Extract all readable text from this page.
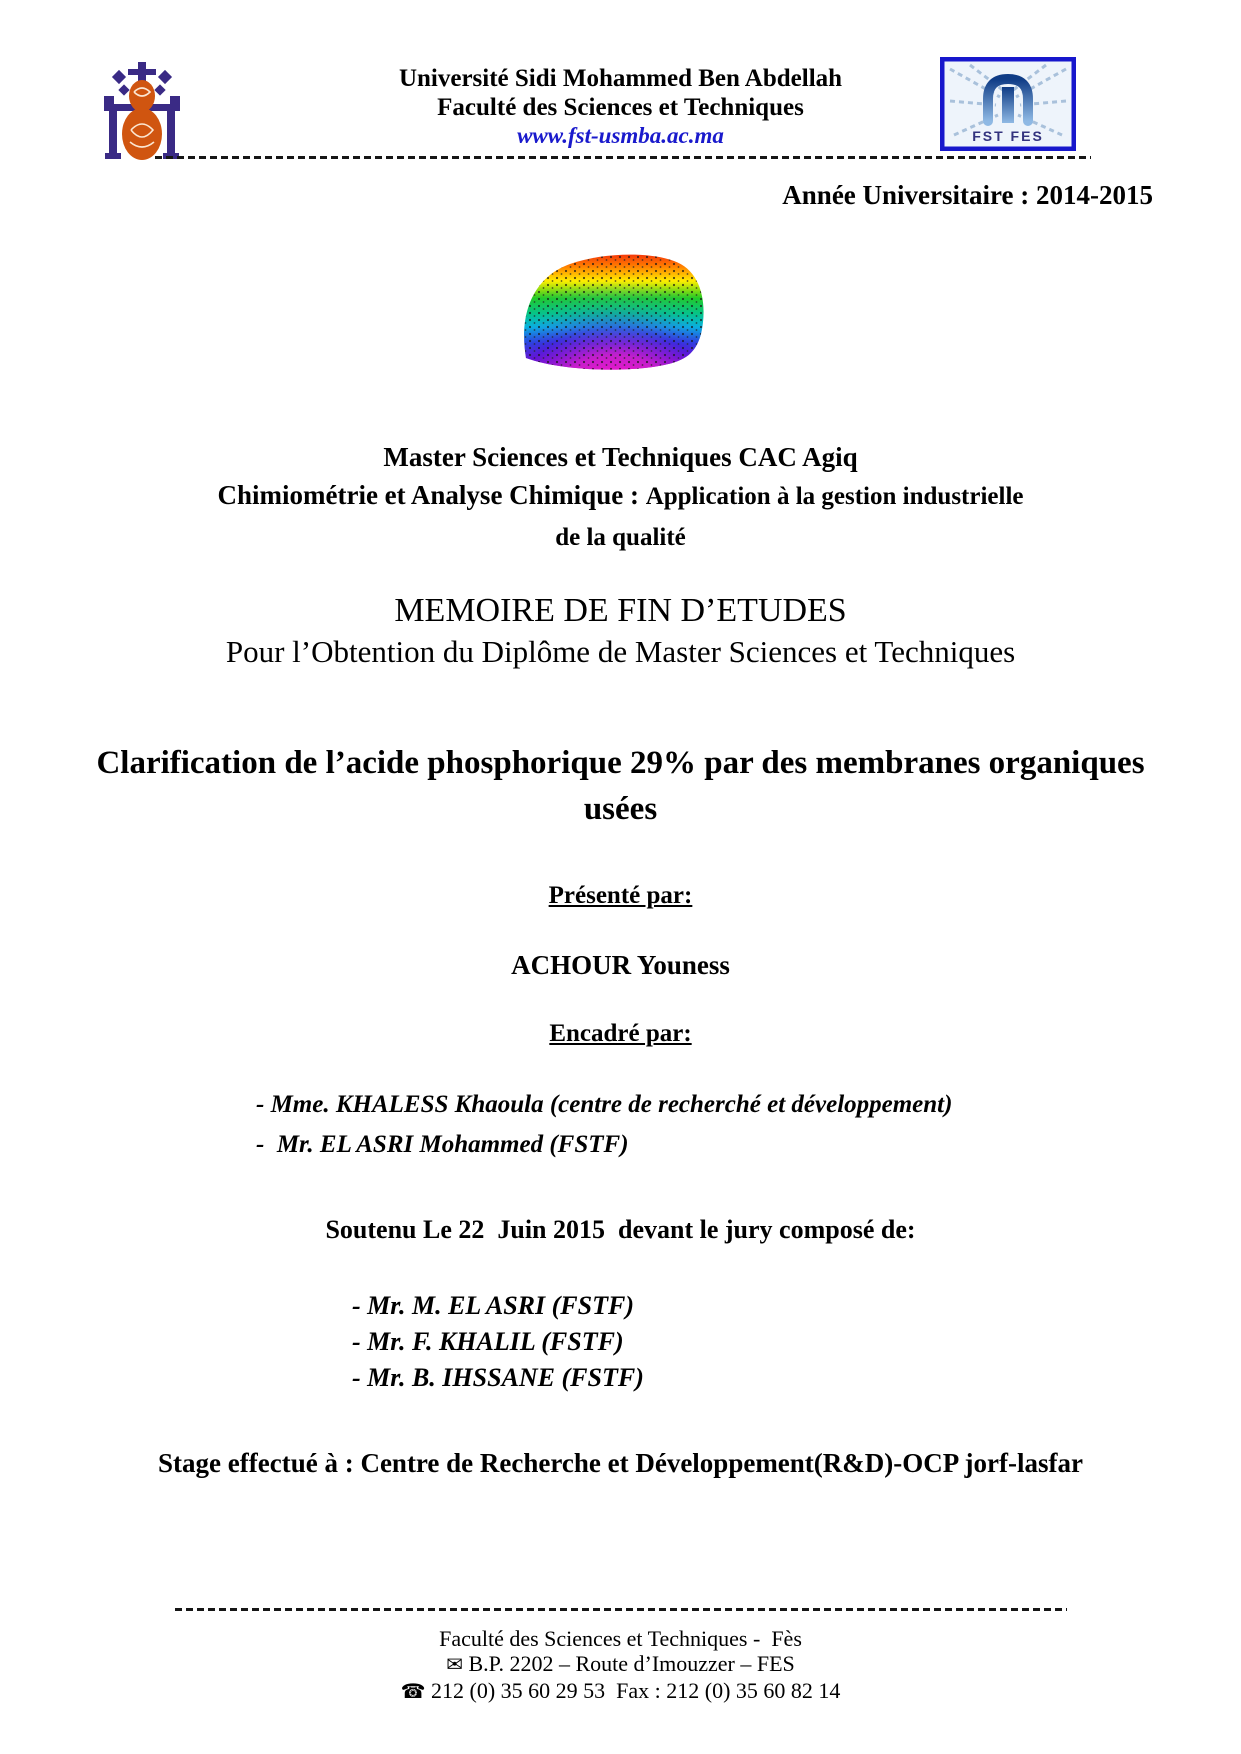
Université Sidi Mohammed Ben Abdellah
Faculté des Sciences et Techniques
www.fst-usmba.ac.ma	FST FES
Année Universitaire : 2014-2015
Master Sciences et Techniques CAC Agiq
Chimiométrie et Analyse Chimique : Application à la gestion industrielle
de la qualité
MEMOIRE DE FIN D’ETUDES
Pour l’Obtention du Diplôme de Master Sciences et Techniques
Clarification de l’acide phosphorique 29% par des membranes organiques usées
Présenté par:
ACHOUR Youness
Encadré par:
- Mme. KHALESS Khaoula (centre de recherché et développement)
-  Mr. EL ASRI Mohammed (FSTF)
Soutenu Le 22  Juin 2015  devant le jury composé de:
- Mr. M. EL ASRI (FSTF)
- Mr. F. KHALIL (FSTF)
- Mr. B. IHSSANE (FSTF)
Stage effectué à : Centre de Recherche et Développement(R&D)-OCP jorf-lasfar
Faculté des Sciences et Techniques -  Fès
✉ B.P. 2202 – Route d’Imouzzer – FES
☎ 212 (0) 35 60 29 53  Fax : 212 (0) 35 60 82 14
